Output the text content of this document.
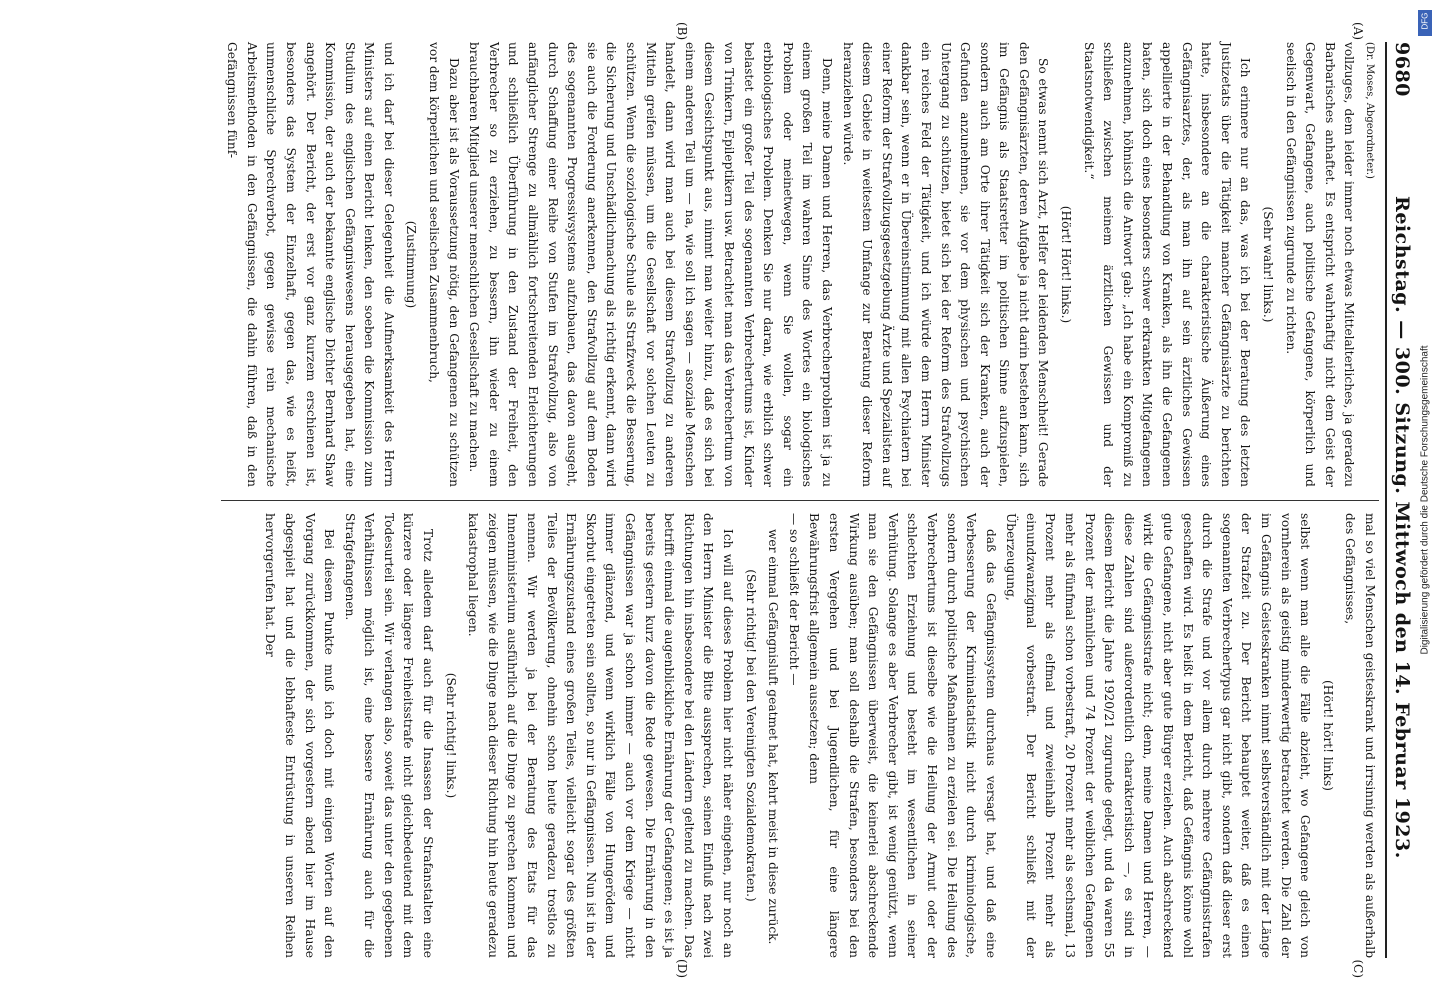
9680
Reichstag. — 300. Sitzung. Mittwoch den 14. Februar 1923.
(A)
(B)
(C)
(D)

(Dr. Moses, Abgeordneter.)

vollzuges, dem leider immer noch etwas Mittelalterliches, ja geradezu Barbarisches anhaftet. Es entspricht wahrhaftig nicht dem Geist der Gegenwart, Gefangene, auch politische Gefangene, körperlich und seelisch in den Gefängnissen zugrunde zu richten.

(Sehr wahr! links.)

Ich erinnere nur an das, was ich bei der Beratung des letzten Justizetats über die Tätigkeit mancher Gefängnisärzte zu berichten hatte, insbesondere an die charakteristische Äußerung eines Gefängnisarztes, der, als man ihn auf sein ärztliches Gewissen appellierte in der Behandlung von Kranken, als ihn die Gefangenen baten, sich doch eines besonders schwer erkrankten Mitgefangenen anzunehmen, höhnisch die Antwort gab: „Ich habe ein Kompromiß zu schließen zwischen meinem ärztlichen Gewissen und der Staatsnotwendigkeit.“

(Hört! Hört! links.)

So etwas nennt sich Arzt, Helfer der leidenden Menschheit! Gerade den Gefängnisärzten, deren Aufgabe ja nicht darin bestehen kann, sich im Gefängnis als Staatsretter im politischen Sinne aufzuspielen, sondern auch am Orte ihrer Tätigkeit sich der Kranken, auch der Gefunden anzunehmen, sie vor dem physischen und psychischen Untergang zu schützen, bietet sich bei der Reform des Strafvollzugs ein reiches Feld der Tätigkeit, und ich würde dem Herrn Minister dankbar sein, wenn er in Übereinstimmung mit allen Psychiatern bei einer Reform der Strafvollzugsgesetzgebung Ärzte und Spezialisten auf diesem Gebiete in weitestem Umfange zur Beratung dieser Reform heranziehen würde.

Denn, meine Damen und Herren, das Verbrecherproblem ist ja zu einem großen Teil im wahren Sinne des Wortes ein biologisches Problem oder meinetwegen, wenn Sie wollen, sogar ein erbbiologisches Problem. Denken Sie nur daran, wie erblich schwer belastet ein großer Teil des sogenannten Verbrechertums ist, Kinder von Trinkern, Epileptikern usw. Betrachtet man das Verbrechertum von diesem Gesichtspunkt aus, nimmt man weiter hinzu, daß es sich bei einem anderen Teil um — na, wie soll ich sagen — asoziale Menschen handelt, dann wird man auch bei diesem Strafvollzug zu anderen Mitteln greifen müssen, um die Gesellschaft vor solchen Leuten zu schützen. Wenn die soziologische Schule als Strafzweck die Besserung, die Sicherung und Unschädlichmachung als richtig erkennt, dann wird sie auch die Forderung anerkennen, den Strafvollzug auf dem Boden des sogenannten Progressivsystems aufzubauen, das davon ausgeht, durch Schaffung einer Reihe von Stufen im Strafvollzug, also von anfänglicher Strenge zu allmählich fortschreitenden Erleichterungen und schließlich Überführung in den Zustand der Freiheit, den Verbrecher so zu erziehen, zu bessern, ihn wieder zu einem brauchbaren Mitglied unserer menschlichen Gesellschaft zu machen.

Dazu aber ist als Voraussetzung nötig, den Gefangenen zu schützen vor dem körperlichen und seelischen Zusammenbruch,

(Zustimmung)

und ich darf bei dieser Gelegenheit die Aufmerksamkeit des Herrn Ministers auf einen Bericht lenken, den soeben die Kommission zum Studium des englischen Gefängniswesens herausgegeben hat, eine Kommission, der auch der bekannte englische Dichter Bernhard Shaw angehört. Der Bericht, der erst vor ganz kurzem erschienen ist, besonders das System der Einzelhaft, gegen das, wie es heißt, unmenschliche Sprechverbot, gegen gewisse rein mechanische Arbeitsmethoden in den Gefängnissen, die dahin führen, daß in den Gefängnissen fünf-

mal so viel Menschen geisteskrank und irrsinnig werden als außerhalb des Gefängnisses,

(Hört! hört! links)

selbst wenn man alle die Fälle abzieht, wo Gefangene gleich von vornherein als geistig minderwertig betrachtet werden. Die Zahl der im Gefängnis Geisteskranken nimmt selbstverständlich mit der Länge der Strafzeit zu. Der Bericht behauptet weiter, daß es einen sogenannten Verbrechertypus gar nicht gibt, sondern daß dieser erst durch die Strafe und vor allem durch mehrere Gefängnisstrafen geschaffen wird. Es heißt in dem Bericht, daß Gefängnis könne wohl gute Gefangene, nicht aber gute Bürger erziehen. Auch abschreckend wirkt die Gefängnisstrafe nicht; denn, meine Damen und Herren, — diese Zahlen sind außerordentlich charakteristisch —, es sind in diesem Bericht die Jahre 1920/21 zugrunde gelegt, und da waren 55 Prozent der männlichen und 74 Prozent der weiblichen Gefangenen mehr als fünfmal schon vorbestraft, 20 Prozent mehr als sechsmal, 13 Prozent mehr als elfmal und zweieinhalb Prozent mehr als einundzwanzigmal vorbestraft. Der Bericht schließt mit der Überzeugung,

daß das Gefängnissystem durchaus versagt hat, und daß eine Verbesserung der Kriminalstatistik nicht durch kriminologische, sondern durch politische Maßnahmen zu erzielen sei. Die Heilung des Verbrechertums ist dieselbe wie die Heilung der Armut oder der schlechten Erziehung und besteht im wesentlichen in seiner Verhütung. Solange es aber Verbrecher gibt, ist wenig genützt, wenn man sie den Gefängnissen überweist, die keinerlei abschreckende Wirkung ausüben; man soll deshalb die Strafen, besonders bei den ersten Vergehen und bei Jugendlichen, für eine längere Bewährungsfrist allgemein aussetzen; denn

— so schließt der Bericht —

wer einmal Gefängnisluft geatmet hat, kehrt meist in diese zurück.

(Sehr richtig! bei den Vereinigten Sozialdemokraten.)

Ich will auf dieses Problem hier nicht näher eingehen, nur noch an den Herrn Minister die Bitte aussprechen, seinen Einfluß nach zwei Richtungen hin insbesondere bei den Ländern geltend zu machen. Das betrifft einmal die augenblickliche Ernährung der Gefangenen; es ist ja bereits gestern kurz davon die Rede gewesen. Die Ernährung in den Gefängnissen war ja schon immer — auch vor dem Kriege — nicht immer glänzend, und wenn wirklich Fälle von Hungerödem und Skorbut eingetreten sein sollten, so nur in Gefängnissen. Nun ist in der Ernährungszustand eines großen Teiles, vielleicht sogar des größten Teiles der Bevölkerung, ohnehin schon heute geradezu trostlos zu nennen. Wir werden ja bei der Beratung des Etats für das Innenministerium ausführlich auf die Dinge zu sprechen kommen und zeigen müssen, wie die Dinge nach dieser Richtung hin heute geradezu katastrophal liegen.

(Sehr richtig! links.)

Trotz alledem darf auch für die Insassen der Strafanstalten eine kürzere oder längere Freiheitsstrafe nicht gleichbedeutend mit dem Todesurteil sein. Wir verlangen also, soweit das unter den gegebenen Verhältnissen möglich ist, eine bessere Ernährung auch für die Strafgefangenen.

Bei diesem Punkte muß ich doch mit einigen Worten auf den Vorgang zurückkommen, der sich vorgestern abend hier im Hause abgespielt hat und die lebhafteste Entrüstung in unseren Reihen hervorgerufen hat. Der

DFG
Digitalisierung gefördert durch die Deutsche Forschungsgemeinschaft
